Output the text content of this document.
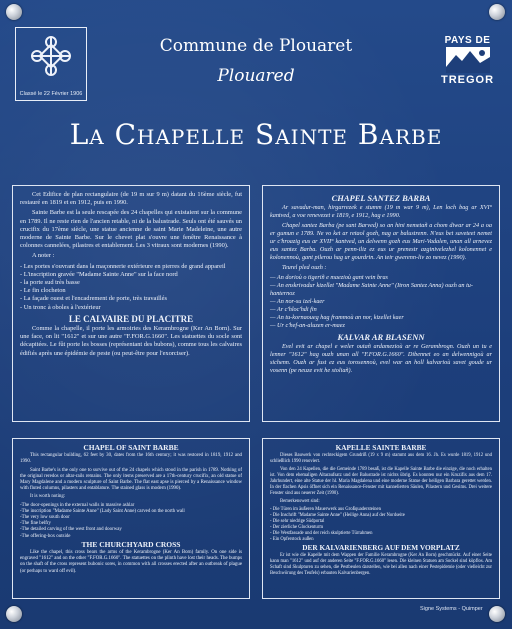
Classé le 22 Février 1906
PAYS DE
TREGOR
Commune de Plouaret
Plouared
La Chapelle Sainte Barbe

Cet Edifice de plan rectangulaire (de 19 m sur 9 m) datant du 16ème siècle, fut restauré en 1819 et en 1912, puis en 1990.

Sainte Barbe est la seule rescapée des 24 chapelles qui existaient sur la commune en 1789. Il ne reste rien de l'ancien retable, ni de la balustrade. Seuls ont été sauvés un crucifix du 17ème siècle, une statue ancienne de saint Marie Madeleine, une autre moderne de Sainte Barbe. Sur le chevet plat s'ouvre une fenêtre Renaissance à colonnes cannelées, pilastres et entablement. Les 3 vitraux sont modernes (1990).

A noter :

- Les portes s'ouvrant dans la maçonnerie extérieure en pierres de grand appareil
- L'inscription gravée "Madame Sainte Anne" sur la face nord
- la porte sud très basse
- Le fin clocheton
- La façade ouest et l'encadrement de porte, très travaillés
- Un tronc à oboles à l'extérieur
LE CALVAIRE DU PLACITRE

Comme la chapelle, il porte les armoiries des Kerambrogne (Ker An Born). Sur une face, on lit "1612" et sur une autre "F.FOR.G.1660". Les statuettes du socle sont décapitées. Le fût porte les bosses (représentant des bubons), comme tous les calvaires édifiés après une épidémie de peste (ou peut-être pour l'exorciser).

CHAPEL SANTEZ BARBA

Ar savadur-man, hirgarrezek e stumm (19 m war 9 m), Len loch bag ar XVI° kantved, a voe renevezet e 1819, e 1912, hag e 1990.

Chapel santez Barba (pe sant Barved) so an hini nemetañ a chom diwar ar 24 a oa er gumun e 1789. Ne vo ket ar retaol gozh, nag ar balustrenn. N'eus bet saveteet nemet ur c'hroazig eus ar XVII° kantved, un delwenn gozh eus Mari-Vadalen, unan all arnevez eus santez Barba. Ouzh ar penn-iliz ez eus ur prenestr azginivelezhel kolonennet e kolonennoù, gant pilerou hag ur gourdrin. An teir gwerenn-liv zo nevez (1990).

Teurel pled ouzh :

— An dorioù o tigeriñ e maezioù gant vein bras
— An enskrivadur kizellet "Madame Sainte Anne" (Itron Santez Anna) ouzh an tu-hanternoz
— An nor-su izel-kaer
— Ar c'hloc'hdi fin
— An tu-kornaoueg hag frammoù an nor, kizellet kaer
— Ur c'hef-an-aluzen er-maez
KALVAR AR BLASENN

Evel evit ar chapel e weler outañ ardamezioù ar re Gerambrogn. Ouzh un tu e lenner "1612" hag ouzh unan all "F.FOR.G.1660". Dibennet eo an delwennigoù ar sichenn. Ouzh ar fust ez eus torosennoù, evel war an holl kalvarioù savet goude ur vosenn (pe neuze evit he stoliañ).

CHAPEL OF SAINT BARBE

This rectangular building, 62 feet by 30, dates from the 16th century; it was restored in 1819, 1912 and 1990.

Saint Barbe's is the only one to survive out of the 24 chapels which stood in the parish in 1789. Nothing of the original reredos or altar-rails remains. The only items preserved are a 17th-century crucifix, an old statue of Mary Magdalene and a modern sculpture of Saint Barbe. The flat east apse is pierced by a Renaissance window with fluted columns, pilasters and entablature. The stained glass is modern (1990).

It is worth noting:

-The door-openings in the external walls in massive ashlar
-The inscription "Madame Sainte Anne" (Lady Saint Anne) carved on the north wall
-The very low south door
-The fine belfry
-The detailed carving of the west front and doorway
-The offering-box outside
THE CHURCHYARD CROSS

Like the chapel, this cross bears the arms of the Kerambrogne (Ker An Born) family. On one side is engraved "1612" and on the other "F.FOR.G.1660". The statuettes on the plinth have lost their heads. The bumps on the shaft of the cross represent bubonic sores, in common with all crosses erected after an outbreak of plague (or perhaps to ward off evil).

KAPELLE SAINTE BARBE

Dieses Bauwerk von rechteckigem Grundriß (19 x 9 m) stammt aus dem 16. Jh. Es wurde 1819, 1912 und schließlich 1990 renoviert.

Von den 24 Kapellen, die die Gemeinde 1789 besaß, ist die Kapelle Sainte Barbe die einzige, die noch erhalten ist. Von dem ehemaligen Altaraufsatz und der Balustrade ist nichts übrig. Es konnten nur ein Kruzifix aus dem 17. Jahrhundert, eine alte Statue der hl. Maria Magdalena und eine moderne Statue der heiligen Barbara gerettet werden. In der flachen Apsis öffnet sich ein Renaissance-Fenster mit kannelierten Säulen, Pilastern und Gesims. Drei weitere Fenster sind aus neuerer Zeit (1990).

Bemerkenswert sind:

- Die Türen im äußeren Mauerwerk aus Großquadersteinen
- Die Inschrift "Madame Sainte Anne" (Heilige Anna) auf der Nordseite
- Die sehr niedrige Südportal
- Der zierliche Glockenturm
- Die Westfassade und der reich skulptierte Türrahmen
- Ein Opferstock außen
DER KALVARIENBERG AUF DEM VORPLATZ

Er ist wie die Kapelle mit dem Wappen der Familie Kerambrogne (Ker An Born) geschmückt. Auf einer Seite kann man "1612" und auf der anderen Seite "F.FOR.G.1660" lesen. Die kleinen Statuen am Sockel sind köpflos. Am Schaft sind Skulpturen zu sehen, die Pestbeulen darstellen, wie bei allen nach einer Pestepidemie (oder vielleicht zur Beschwörung des Teufels) erbauten Kalvarienbergen.

Signe Systems - Quimper
